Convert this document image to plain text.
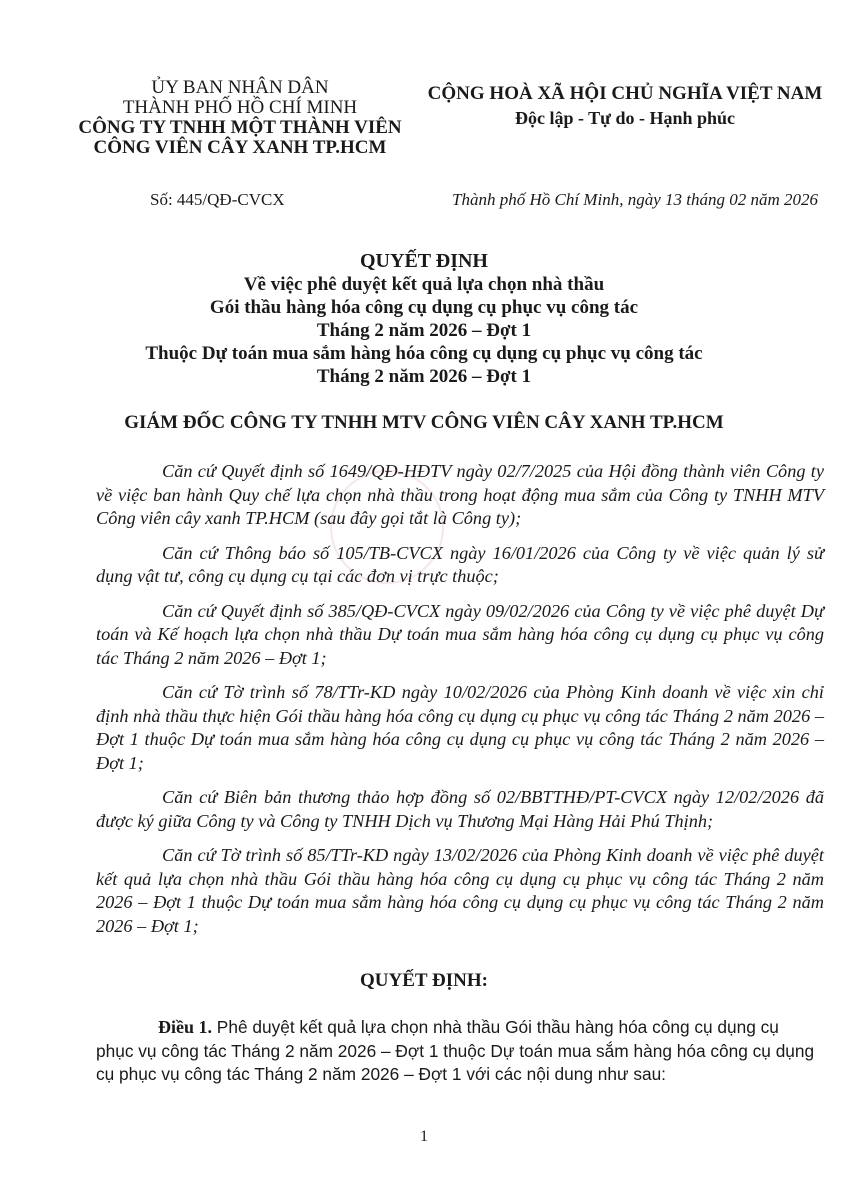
ỦY BAN NHÂN DÂN
THÀNH PHỐ HỒ CHÍ MINH
CÔNG TY TNHH MỘT THÀNH VIÊN
CÔNG VIÊN CÂY XANH TP.HCM
CỘNG HOÀ XÃ HỘI CHỦ NGHĨA VIỆT NAM
Độc lập - Tự do - Hạnh phúc
Số: 445/QĐ-CVCX	Thành phố Hồ Chí Minh, ngày 13 tháng 02 năm 2026
QUYẾT ĐỊNH
Về việc phê duyệt kết quả lựa chọn nhà thầu
Gói thầu hàng hóa công cụ dụng cụ phục vụ công tác
Tháng 2 năm 2026 – Đợt 1
Thuộc Dự toán mua sắm hàng hóa công cụ dụng cụ phục vụ công tác
Tháng 2 năm 2026 – Đợt 1
GIÁM ĐỐC CÔNG TY TNHH MTV CÔNG VIÊN CÂY XANH TP.HCM

Căn cứ Quyết định số 1649/QĐ-HĐTV ngày 02/7/2025 của Hội đồng thành viên Công ty về việc ban hành Quy chế lựa chọn nhà thầu trong hoạt động mua sắm của Công ty TNHH MTV Công viên cây xanh TP.HCM (sau đây gọi tắt là Công ty);

Căn cứ Thông báo số 105/TB-CVCX ngày 16/01/2026 của Công ty về việc quản lý sử dụng vật tư, công cụ dụng cụ tại các đơn vị trực thuộc;

Căn cứ Quyết định số 385/QĐ-CVCX ngày 09/02/2026 của Công ty về việc phê duyệt Dự toán và Kế hoạch lựa chọn nhà thầu Dự toán mua sắm hàng hóa công cụ dụng cụ phục vụ công tác Tháng 2 năm 2026 – Đợt 1;

Căn cứ Tờ trình số 78/TTr-KD ngày 10/02/2026 của Phòng Kinh doanh về việc xin chỉ định nhà thầu thực hiện Gói thầu hàng hóa công cụ dụng cụ phục vụ công tác Tháng 2 năm 2026 – Đợt 1 thuộc Dự toán mua sắm hàng hóa công cụ dụng cụ phục vụ công tác Tháng 2 năm 2026 – Đợt 1;

Căn cứ Biên bản thương thảo hợp đồng số 02/BBTTHĐ/PT-CVCX ngày 12/02/2026 đã được ký giữa Công ty và Công ty TNHH Dịch vụ Thương Mại Hàng Hải Phú Thịnh;

Căn cứ Tờ trình số 85/TTr-KD ngày 13/02/2026 của Phòng Kinh doanh về việc phê duyệt kết quả lựa chọn nhà thầu Gói thầu hàng hóa công cụ dụng cụ phục vụ công tác Tháng 2 năm 2026 – Đợt 1 thuộc Dự toán mua sắm hàng hóa công cụ dụng cụ phục vụ công tác Tháng 2 năm 2026 – Đợt 1;

QUYẾT ĐỊNH:
Điều 1. Phê duyệt kết quả lựa chọn nhà thầu Gói thầu hàng hóa công cụ dụng cụ phục vụ công tác Tháng 2 năm 2026 – Đợt 1 thuộc Dự toán mua sắm hàng hóa công cụ dụng cụ phục vụ công tác Tháng 2 năm 2026 – Đợt 1 với các nội dung như sau:
1
